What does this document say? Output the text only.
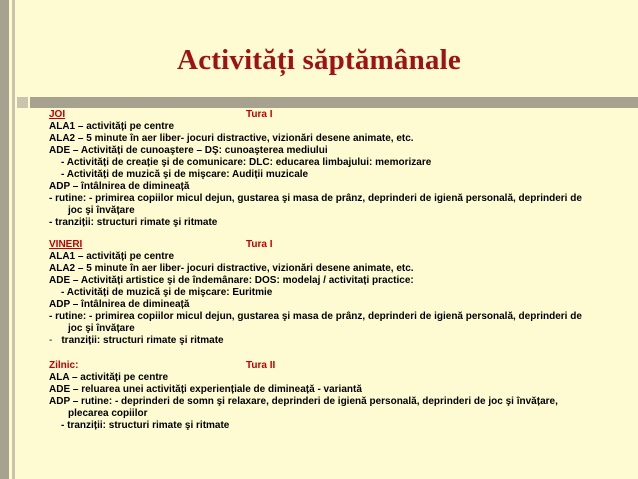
Activități săptămânale
JOI	Tura I
ALA1 – activități pe centre
ALA2 – 5 minute în aer liber- jocuri distractive, vizionări desene animate, etc.
ADE – Activități de cunoaştere – DŞ: cunoaşterea mediului
- Activități de creație şi de comunicare: DLC: educarea limbajului: memorizare
- Activități de muzică şi de mişcare: Audiții muzicale
ADP – întâlnirea de dimineață
- rutine: - primirea copiilor micul dejun, gustarea şi masa de prânz, deprinderi de igienă personală, deprinderi de
joc şi învățare
- tranziții: structuri rimate şi ritmate
VINERI	Tura I
ALA1 – activități pe centre
ALA2 – 5 minute în aer liber- jocuri distractive, vizionări desene animate, etc.
ADE – Activități artistice şi de îndemânare: DOS: modelaj / activitați practice:
- Activități de muzică şi de mişcare: Euritmie
ADP – întâlnirea de dimineață
- rutine: - primirea copiilor micul dejun, gustarea şi masa de prânz, deprinderi de igienă personală, deprinderi de
joc şi învățare
- tranziții: structuri rimate şi ritmate
Zilnic:	Tura II
ALA – activități pe centre
ADE – reluarea unei activități experiențiale de dimineață - variantă
ADP – rutine: - deprinderi de somn şi relaxare, deprinderi de igienă personală, deprinderi de joc şi învățare,
plecarea copiilor
- tranziții: structuri rimate şi ritmate
